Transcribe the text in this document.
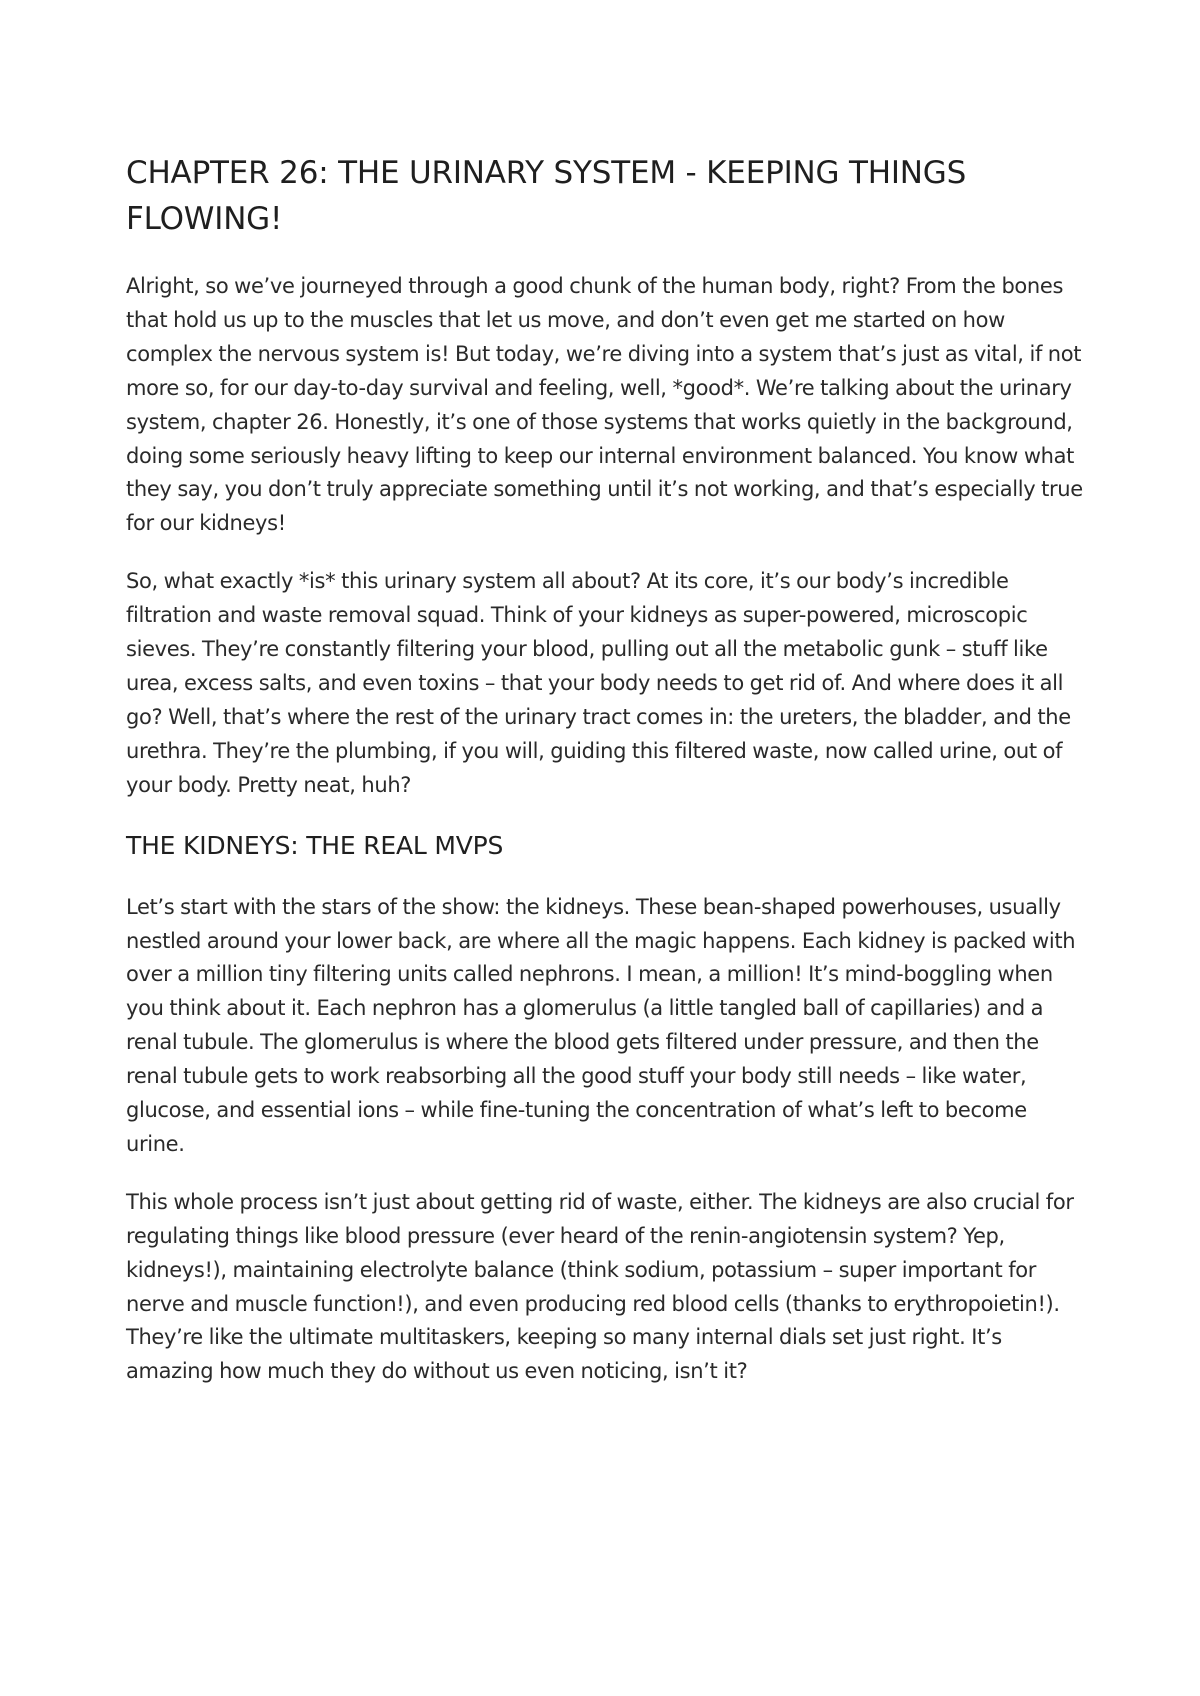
CHAPTER 26: THE URINARY SYSTEM - KEEPING THINGS FLOWING!

Alright, so we’ve journeyed through a good chunk of the human body, right? From the bones that hold us up to the muscles that let us move, and don’t even get me started on how complex the nervous system is! But today, we’re diving into a system that’s just as vital, if not more so, for our day-to-day survival and feeling, well, *good*. We’re talking about the urinary system, chapter 26. Honestly, it’s one of those systems that works quietly in the background, doing some seriously heavy lifting to keep our internal environment balanced. You know what they say, you don’t truly appreciate something until it’s not working, and that’s especially true for our kidneys!

So, what exactly *is* this urinary system all about? At its core, it’s our body’s incredible filtration and waste removal squad. Think of your kidneys as super-powered, microscopic sieves. They’re constantly filtering your blood, pulling out all the metabolic gunk – stuff like urea, excess salts, and even toxins – that your body needs to get rid of. And where does it all go? Well, that’s where the rest of the urinary tract comes in: the ureters, the bladder, and the urethra. They’re the plumbing, if you will, guiding this filtered waste, now called urine, out of your body. Pretty neat, huh?

THE KIDNEYS: THE REAL MVPS

Let’s start with the stars of the show: the kidneys. These bean-shaped powerhouses, usually nestled around your lower back, are where all the magic happens. Each kidney is packed with over a million tiny filtering units called nephrons. I mean, a million! It’s mind-boggling when you think about it. Each nephron has a glomerulus (a little tangled ball of capillaries) and a renal tubule. The glomerulus is where the blood gets filtered under pressure, and then the renal tubule gets to work reabsorbing all the good stuff your body still needs – like water, glucose, and essential ions – while fine-tuning the concentration of what’s left to become urine.

This whole process isn’t just about getting rid of waste, either. The kidneys are also crucial for regulating things like blood pressure (ever heard of the renin-angiotensin system? Yep, kidneys!), maintaining electrolyte balance (think sodium, potassium – super important for nerve and muscle function!), and even producing red blood cells (thanks to erythropoietin!). They’re like the ultimate multitaskers, keeping so many internal dials set just right. It’s amazing how much they do without us even noticing, isn’t it?
